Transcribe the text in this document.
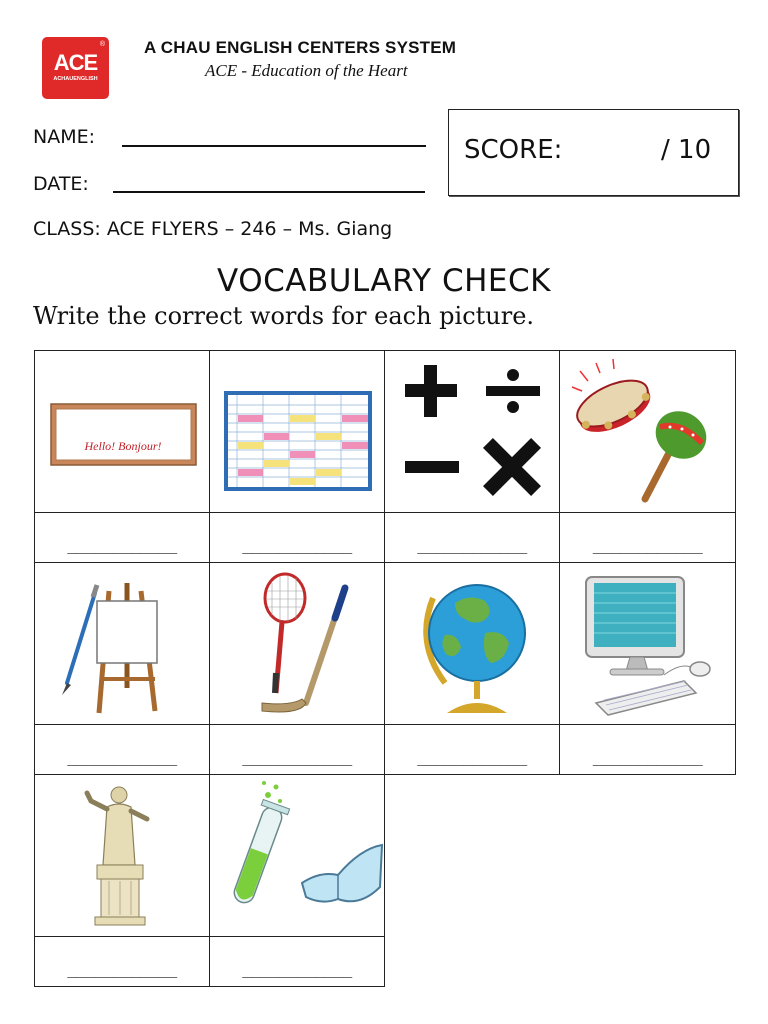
®
ACE
ACHAUENGLISH
A CHAU ENGLISH CENTERS SYSTEM
ACE - Education of the Heart
NAME:
DATE:
CLASS: ACE FLYERS – 246 – Ms. Giang
SCORE:	/ 10
VOCABULARY CHECK
Write the correct words for each picture.
Hello! Bonjour!
____________	____________	____________	____________
____________	____________	____________	____________
____________	____________
